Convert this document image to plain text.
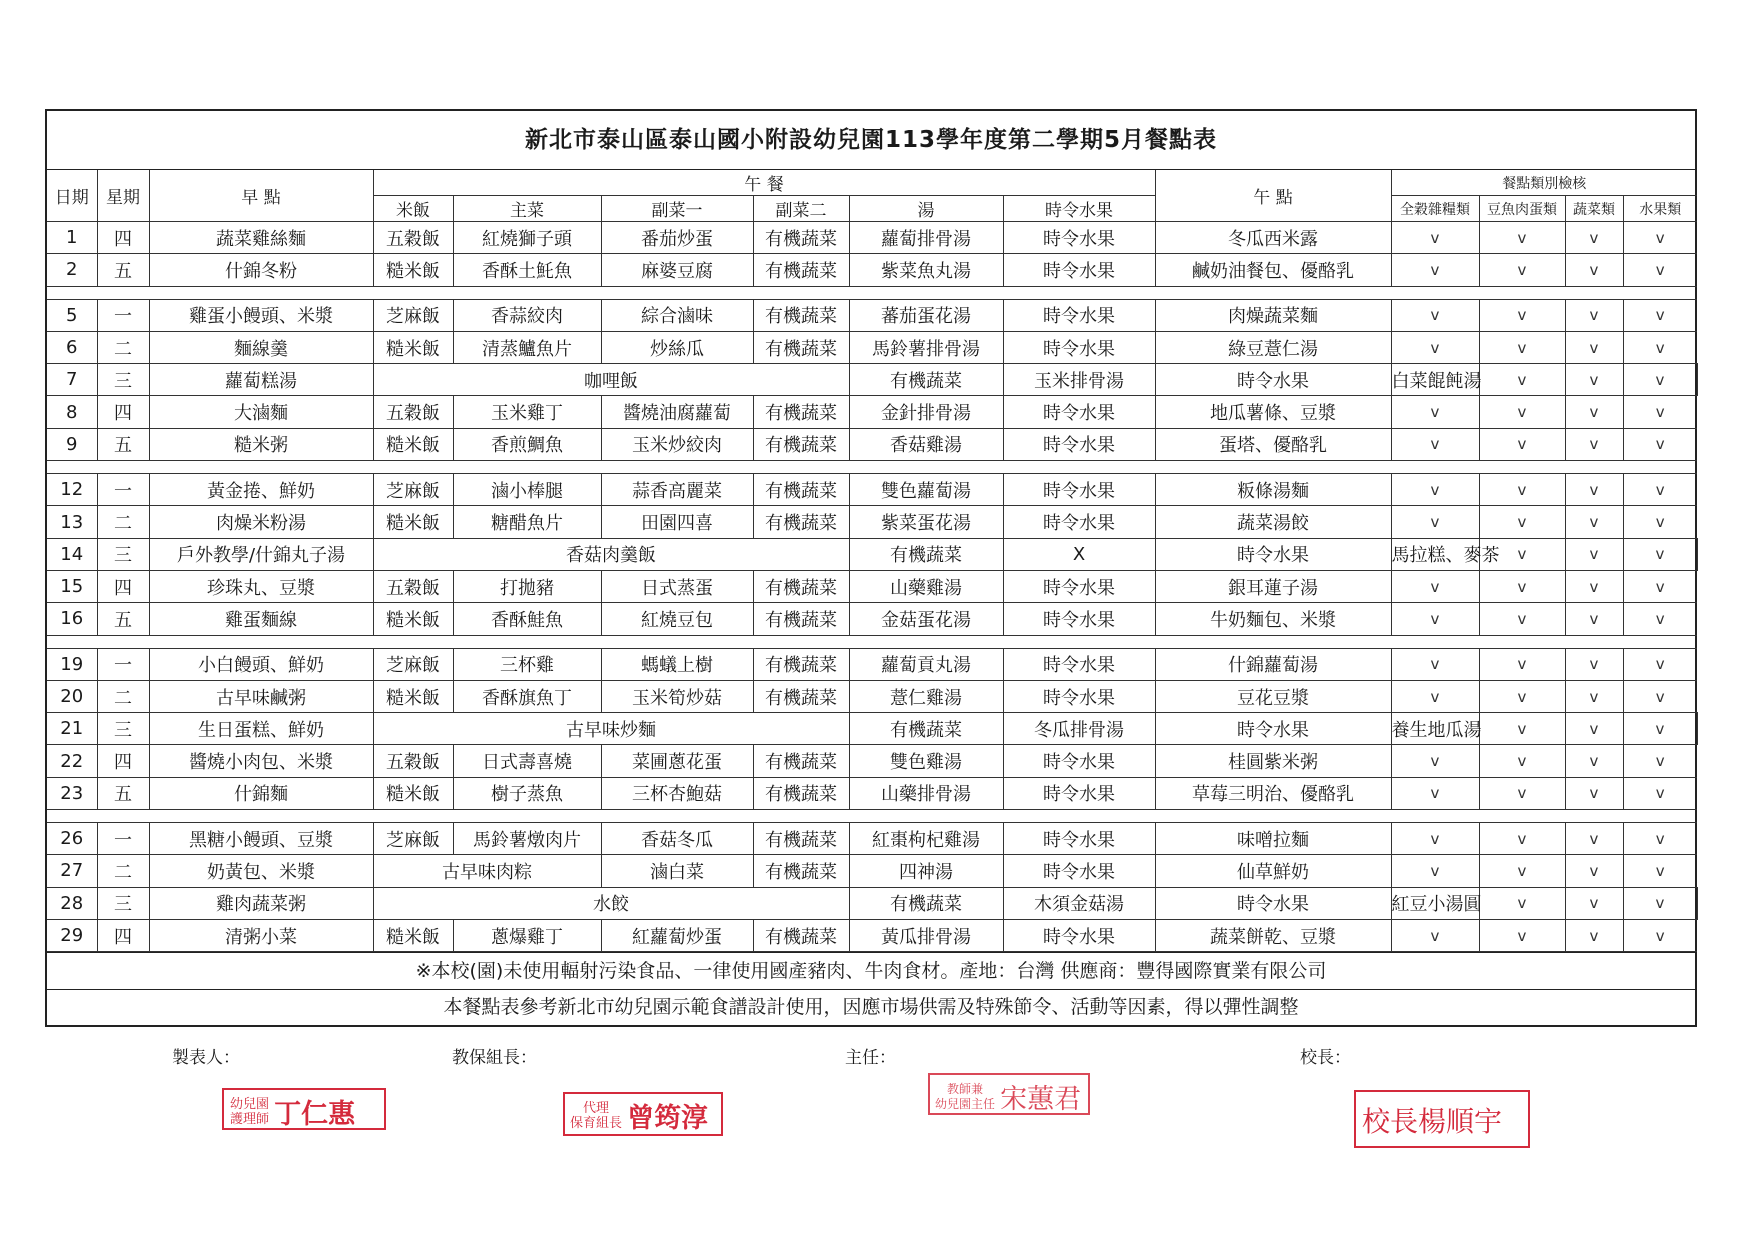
新北市泰山區泰山國小附設幼兒園113學年度第二學期5月餐點表
日期	星期	早 點	午 餐						午 點	餐點類別檢核				
			米飯	主菜	副菜一	副菜二	湯	時令水果		全穀雜糧類	豆魚肉蛋類	蔬菜類	水果類	
1	四	蔬菜雞絲麵	五穀飯	紅燒獅子頭	番茄炒蛋	有機蔬菜	蘿蔔排骨湯	時令水果	冬瓜西米露	v	v	v	v	
2	五	什錦冬粉	糙米飯	香酥土魠魚	麻婆豆腐	有機蔬菜	紫菜魚丸湯	時令水果	鹹奶油餐包、優酪乳	v	v	v	v	

5	一	雞蛋小饅頭、米漿	芝麻飯	香蒜絞肉	綜合滷味	有機蔬菜	蕃茄蛋花湯	時令水果	肉燥蔬菜麵	v	v	v	v	
6	二	麵線羹	糙米飯	清蒸鱸魚片	炒絲瓜	有機蔬菜	馬鈴薯排骨湯	時令水果	綠豆薏仁湯	v	v	v	v	
7	三	蘿蔔糕湯	咖哩飯				有機蔬菜	玉米排骨湯	時令水果	白菜餛飩湯	v	v	v	
8	四	大滷麵	五穀飯	玉米雞丁	醬燒油腐蘿蔔	有機蔬菜	金針排骨湯	時令水果	地瓜薯條、豆漿	v	v	v	v	
9	五	糙米粥	糙米飯	香煎鯛魚	玉米炒絞肉	有機蔬菜	香菇雞湯	時令水果	蛋塔、優酪乳	v	v	v	v	

12	一	黃金捲、鮮奶	芝麻飯	滷小棒腿	蒜香高麗菜	有機蔬菜	雙色蘿蔔湯	時令水果	粄條湯麵	v	v	v	v	
13	二	肉燥米粉湯	糙米飯	糖醋魚片	田園四喜	有機蔬菜	紫菜蛋花湯	時令水果	蔬菜湯餃	v	v	v	v	
14	三	戶外教學/什錦丸子湯	香菇肉羹飯				有機蔬菜	X	時令水果	馬拉糕、麥茶	v	v	v	
15	四	珍珠丸、豆漿	五穀飯	打拋豬	日式蒸蛋	有機蔬菜	山藥雞湯	時令水果	銀耳蓮子湯	v	v	v	v	
16	五	雞蛋麵線	糙米飯	香酥鮭魚	紅燒豆包	有機蔬菜	金菇蛋花湯	時令水果	牛奶麵包、米漿	v	v	v	v	

19	一	小白饅頭、鮮奶	芝麻飯	三杯雞	螞蟻上樹	有機蔬菜	蘿蔔貢丸湯	時令水果	什錦蘿蔔湯	v	v	v	v	
20	二	古早味鹹粥	糙米飯	香酥旗魚丁	玉米筍炒菇	有機蔬菜	薏仁雞湯	時令水果	豆花豆漿	v	v	v	v	
21	三	生日蛋糕、鮮奶	古早味炒麵				有機蔬菜	冬瓜排骨湯	時令水果	養生地瓜湯	v	v	v	
22	四	醬燒小肉包、米漿	五穀飯	日式壽喜燒	菜圃蔥花蛋	有機蔬菜	雙色雞湯	時令水果	桂圓紫米粥	v	v	v	v	
23	五	什錦麵	糙米飯	樹子蒸魚	三杯杏鮑菇	有機蔬菜	山藥排骨湯	時令水果	草莓三明治、優酪乳	v	v	v	v	

26	一	黑糖小饅頭、豆漿	芝麻飯	馬鈴薯燉肉片	香菇冬瓜	有機蔬菜	紅棗枸杞雞湯	時令水果	味噌拉麵	v	v	v	v	
27	二	奶黃包、米漿	古早味肉粽		滷白菜	有機蔬菜	四神湯	時令水果	仙草鮮奶	v	v	v	v	
28	三	雞肉蔬菜粥	水餃				有機蔬菜	木須金菇湯	時令水果	紅豆小湯圓	v	v	v	
29	四	清粥小菜	糙米飯	蔥爆雞丁	紅蘿蔔炒蛋	有機蔬菜	黃瓜排骨湯	時令水果	蔬菜餅乾、豆漿	v	v	v	v	
※本校(園)未使用輻射污染食品、一律使用國產豬肉、牛肉食材。產地：台灣 供應商：豐得國際實業有限公司
本餐點表參考新北市幼兒園示範食譜設計使用，因應市場供需及特殊節令、活動等因素，得以彈性調整
製表人：	教保組長：	主任：	校長：
幼兒園
護理師 丁仁惠	代理
保育組長 曾筠淳
教師兼
幼兒園主任 宋蕙君
校長楊順宇
